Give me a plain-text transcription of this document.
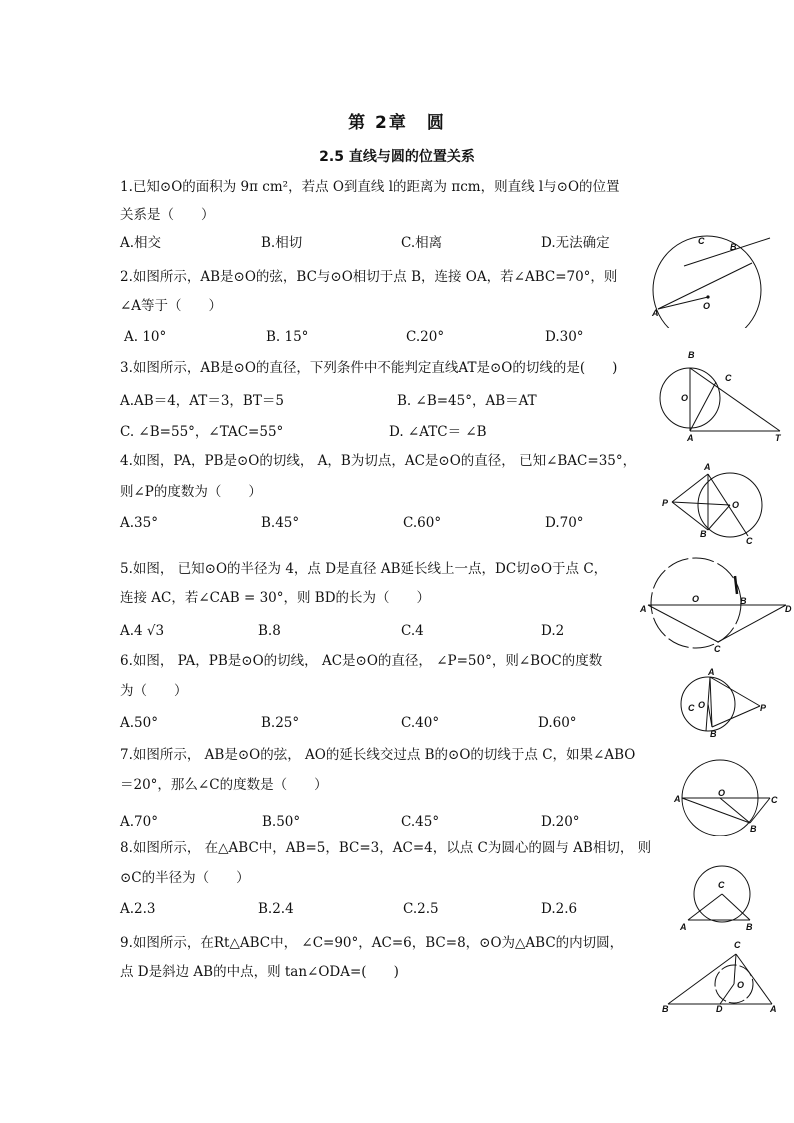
第 2章　圆
2.5 直线与圆的位置关系
1.已知⊙O的面积为 9π cm²，若点 O到直线 l的距离为 πcm，则直线 l与⊙O的位置
关系是（　　）
A.相交	B.相切	C.相离	D.无法确定
2.如图所示，AB是⊙O的弦，BC与⊙O相切于点 B，连接 OA，若∠ABC=70°，则
∠A等于（　　）
A. 10°	B. 15°	C.20°	D.30°
3.如图所示，AB是⊙O的直径，下列条件中不能判定直线AT是⊙O的切线的是(　　)
A.AB＝4，AT＝3，BT＝5	B. ∠B=45°，AB＝AT
C. ∠B=55°，∠TAC=55°	D. ∠ATC＝ ∠B
4.如图，PA，PB是⊙O的切线， A，B为切点，AC是⊙O的直径， 已知∠BAC=35°，
则∠P的度数为（　　）
A.35°	B.45°	C.60°	D.70°
5.如图， 已知⊙O的半径为 4，点 D是直径 AB延长线上一点，DC切⊙O于点 C，
连接 AC，若∠CAB = 30°，则 BD的长为（　　）
A.4 √3	B.8	C.4	D.2
6.如图， PA，PB是⊙O的切线， AC是⊙O的直径， ∠P=50°，则∠BOC的度数
为（　　）
A.50°	B.25°	C.40°	D.60°
7.如图所示， AB是⊙O的弦， AO的延长线交过点 B的⊙O的切线于点 C，如果∠ABO
＝20°，那么∠C的度数是（　　）
A.70°	B.50°	C.45°	D.20°
8.如图所示， 在△ABC中，AB=5，BC=3，AC=4，以点 C为圆心的圆与 AB相切， 则
⊙C的半径为（　　）
A.2.3	B.2.4	C.2.5	D.2.6
9.如图所示，在Rt△ABC中， ∠C=90°，AC=6，BC=8，⊙O为△ABC的内切圆，
点 D是斜边 AB的中点，则 tan∠ODA=(　　)
C
B
A
O
B
C
O
A	T
A
P	O
B
C
A
O	B
D
C
A
C O
B
P
A
O
C
B
C
A	B
C
O
B	D	A
